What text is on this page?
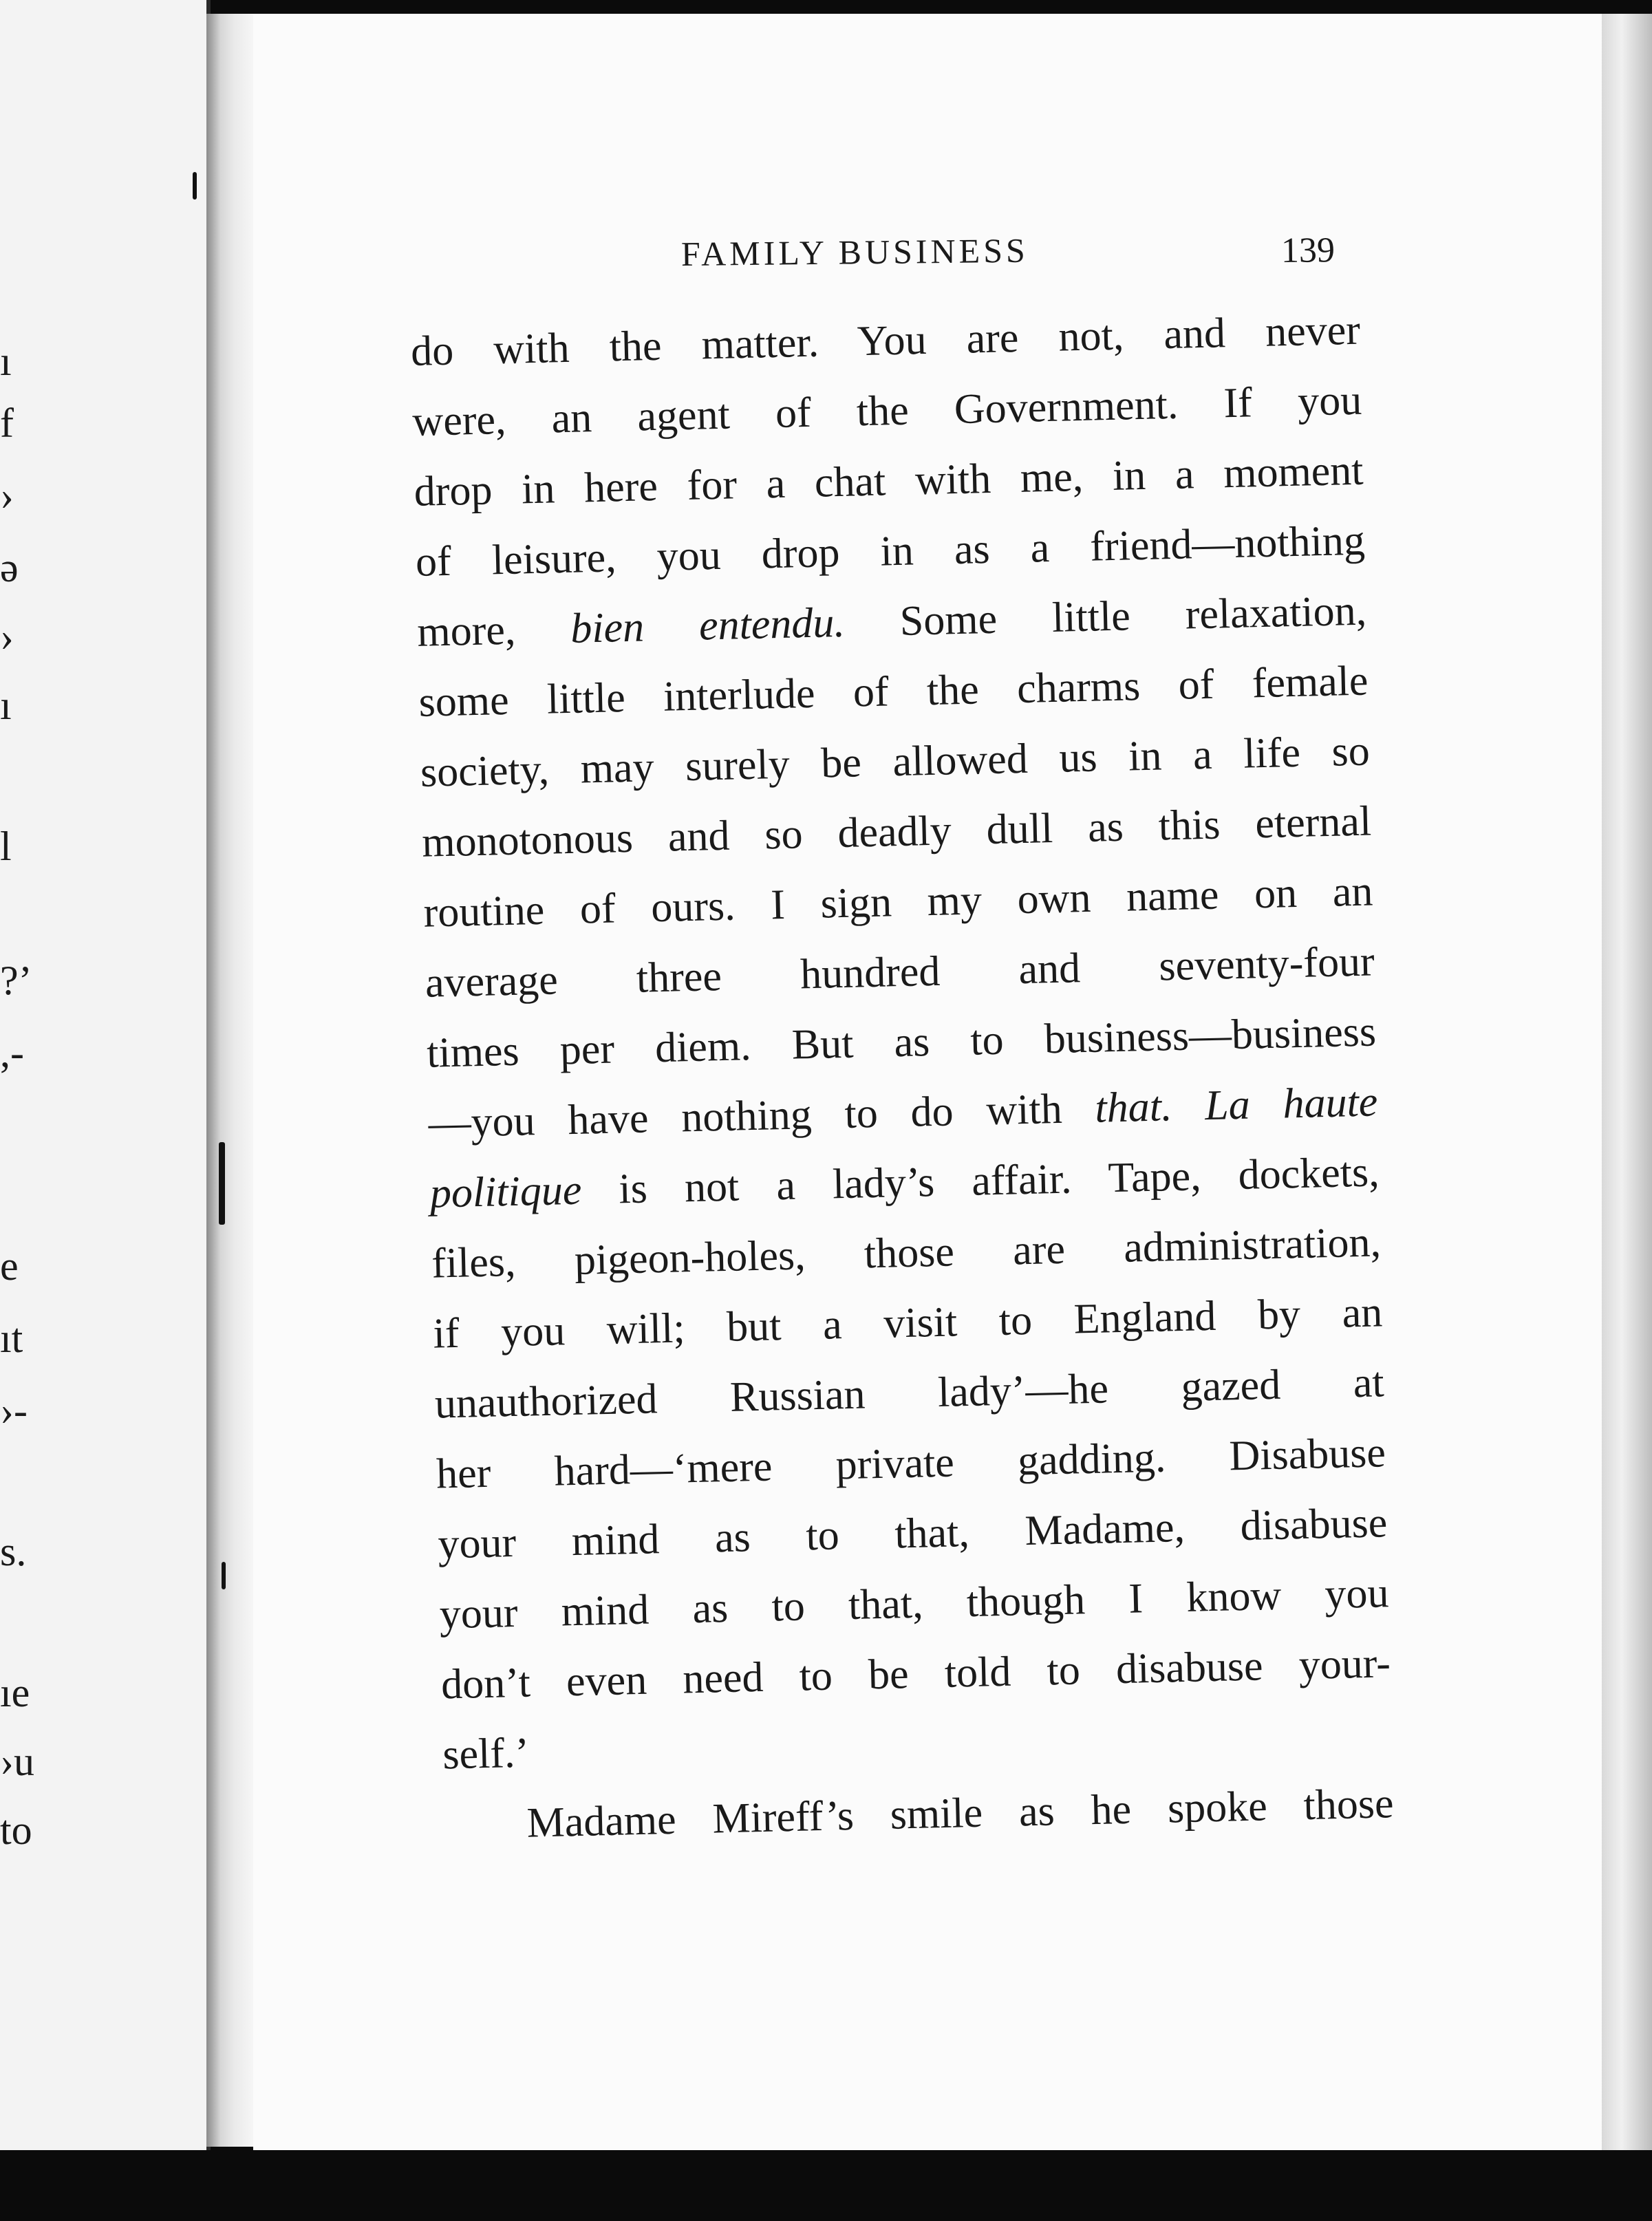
ı
f
›
ə
›
ı
l
?’
,-
e
ıt
›-
s.
ıe
›u
to
FAMILY BUSINESS	139
do with the matter. You are not, and never
were, an agent of the Government. If you
drop in here for a chat with me, in a moment
of leisure, you drop in as a friend—nothing
more, bien entendu. Some little relaxation,
some little interlude of the charms of female
society, may surely be allowed us in a life so
monotonous and so deadly dull as this eternal
routine of ours. I sign my own name on an
average three hundred and seventy-four
times per diem. But as to business—business
—you have nothing to do with that. La haute
politique is not a lady’s affair. Tape, dockets,
files, pigeon-holes, those are administration,
if you will; but a visit to England by an
unauthorized Russian lady’—he gazed at
her hard—‘mere private gadding. Disabuse
your mind as to that, Madame, disabuse
your mind as to that, though I know you
don’t even need to be told to disabuse your-
self.’
Madame Mireff’s smile as he spoke those
